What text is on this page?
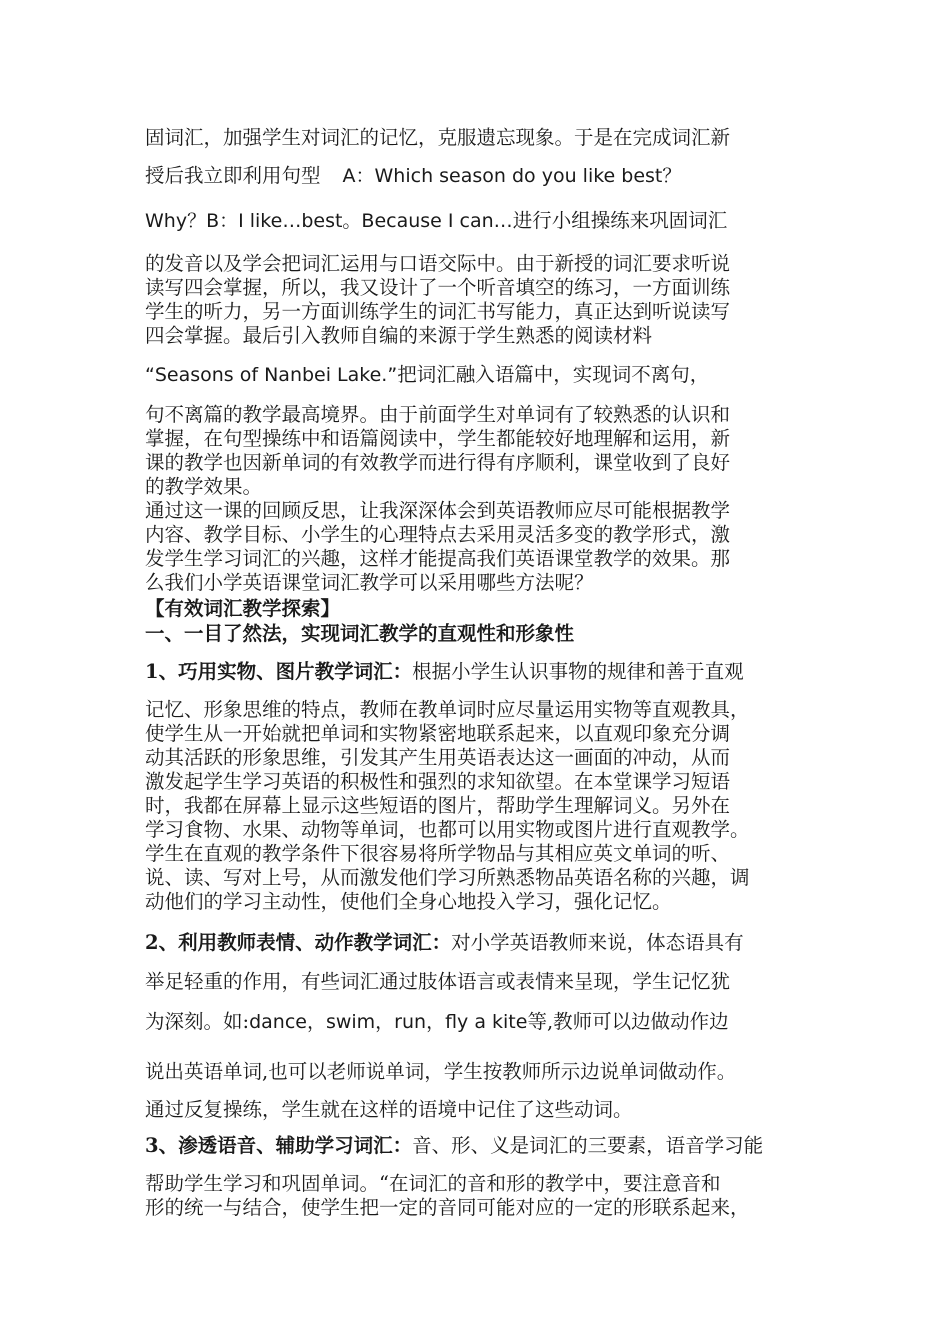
固词汇，加强学生对词汇的记忆，克服遗忘现象。于是在完成词汇新
授后我立即利用句型 A：Which season do you like best？
Why？B：I like…best。Because I can…进行小组操练来巩固词汇
的发音以及学会把词汇运用与口语交际中。由于新授的词汇要求听说
读写四会掌握，所以，我又设计了一个听音填空的练习，一方面训练
学生的听力，另一方面训练学生的词汇书写能力，真正达到听说读写
四会掌握。最后引入教师自编的来源于学生熟悉的阅读材料
“Seasons of Nanbei Lake.”把词汇融入语篇中，实现词不离句，
句不离篇的教学最高境界。由于前面学生对单词有了较熟悉的认识和
掌握，在句型操练中和语篇阅读中，学生都能较好地理解和运用，新
课的教学也因新单词的有效教学而进行得有序顺利，课堂收到了良好
的教学效果。
通过这一课的回顾反思，让我深深体会到英语教师应尽可能根据教学
内容、教学目标、小学生的心理特点去采用灵活多变的教学形式，激
发学生学习词汇的兴趣，这样才能提高我们英语课堂教学的效果。那
么我们小学英语课堂词汇教学可以采用哪些方法呢？
【有效词汇教学探索】
一、一目了然法，实现词汇教学的直观性和形象性
1、巧用实物、图片教学词汇：根据小学生认识事物的规律和善于直观
记忆、形象思维的特点，教师在教单词时应尽量运用实物等直观教具，
使学生从一开始就把单词和实物紧密地联系起来，以直观印象充分调
动其活跃的形象思维，引发其产生用英语表达这一画面的冲动，从而
激发起学生学习英语的积极性和强烈的求知欲望。在本堂课学习短语
时，我都在屏幕上显示这些短语的图片，帮助学生理解词义。另外在
学习食物、水果、动物等单词，也都可以用实物或图片进行直观教学。
学生在直观的教学条件下很容易将所学物品与其相应英文单词的听、
说、读、写对上号，从而激发他们学习所熟悉物品英语名称的兴趣，调
动他们的学习主动性，使他们全身心地投入学习，强化记忆。
2、利用教师表情、动作教学词汇：对小学英语教师来说，体态语具有
举足轻重的作用，有些词汇通过肢体语言或表情来呈现，学生记忆犹
为深刻。如:dance，swim，run，fly a kite等,教师可以边做动作边
说出英语单词,也可以老师说单词，学生按教师所示边说单词做动作。
通过反复操练，学生就在这样的语境中记住了这些动词。
3、渗透语音、辅助学习词汇：音、形、义是词汇的三要素，语音学习能
帮助学生学习和巩固单词。“在词汇的音和形的教学中，要注意音和
形的统一与结合，使学生把一定的音同可能对应的一定的形联系起来，
